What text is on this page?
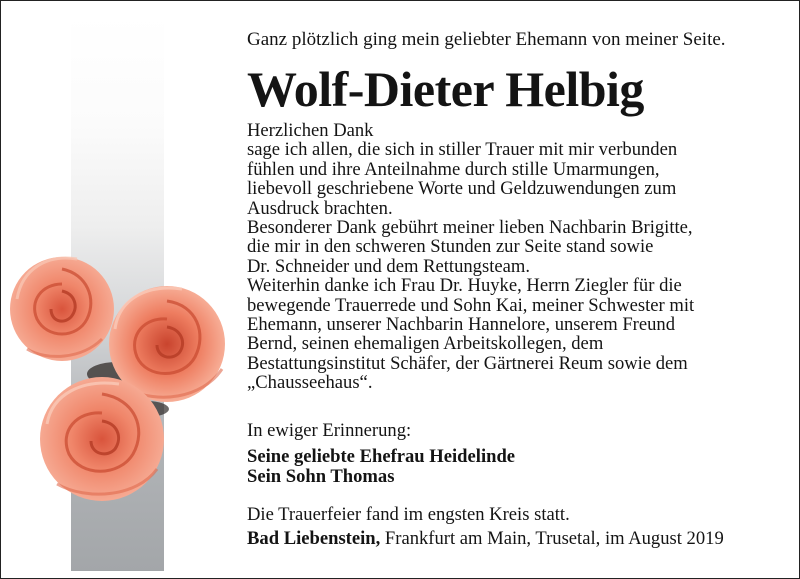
Ganz plötzlich ging mein geliebter Ehemann von meiner Seite.
Wolf-Dieter Helbig
Herzlichen Dank
sage ich allen, die sich in stiller Trauer mit mir verbunden
fühlen und ihre Anteilnahme durch stille Umarmungen,
liebevoll geschriebene Worte und Geldzuwendungen zum
Ausdruck brachten.
Besonderer Dank gebührt meiner lieben Nachbarin Brigitte,
die mir in den schweren Stunden zur Seite stand sowie
Dr. Schneider und dem Rettungsteam.
Weiterhin danke ich Frau Dr. Huyke, Herrn Ziegler für die
bewegende Trauerrede und Sohn Kai, meiner Schwester mit
Ehemann, unserer Nachbarin Hannelore, unserem Freund
Bernd, seinen ehemaligen Arbeitskollegen, dem
Bestattungsinstitut Schäfer, der Gärtnerei Reum sowie dem
„Chausseehaus“.
In ewiger Erinnerung:
Seine geliebte Ehefrau Heidelinde
Sein Sohn Thomas
Die Trauerfeier fand im engsten Kreis statt.
Bad Liebenstein, Frankfurt am Main, Trusetal, im August 2019
